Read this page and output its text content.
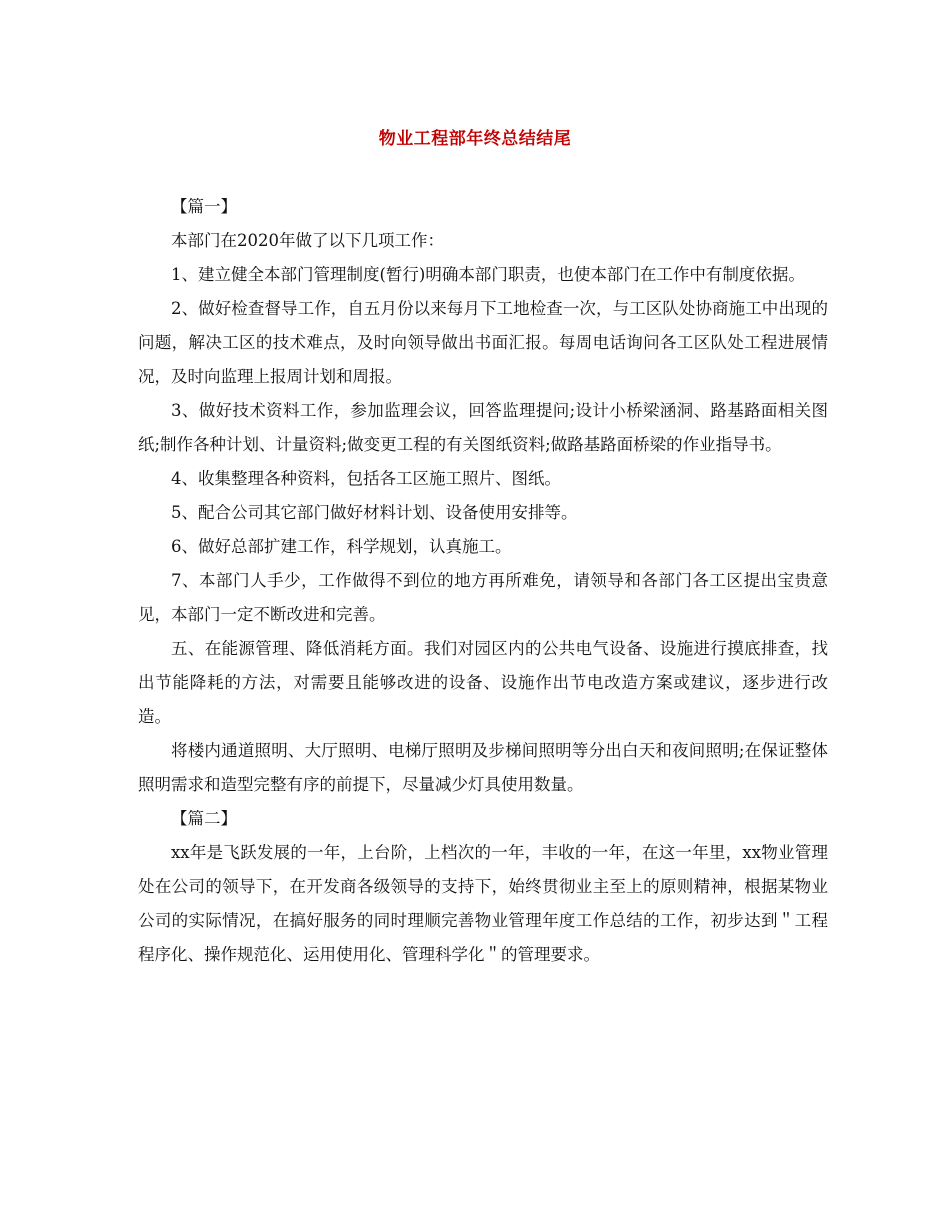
物业工程部年终总结结尾

【篇一】

本部门在2020年做了以下几项工作：

1、建立健全本部门管理制度(暂行)明确本部门职责，也使本部门在工作中有制度依据。

2、做好检查督导工作，自五月份以来每月下工地检查一次，与工区队处协商施工中出现的问题，解决工区的技术难点，及时向领导做出书面汇报。每周电话询问各工区队处工程进展情况，及时向监理上报周计划和周报。

3、做好技术资料工作，参加监理会议，回答监理提问;设计小桥梁涵洞、路基路面相关图纸;制作各种计划、计量资料;做变更工程的有关图纸资料;做路基路面桥梁的作业指导书。

4、收集整理各种资料，包括各工区施工照片、图纸。

5、配合公司其它部门做好材料计划、设备使用安排等。

6、做好总部扩建工作，科学规划，认真施工。

7、本部门人手少，工作做得不到位的地方再所难免，请领导和各部门各工区提出宝贵意见，本部门一定不断改进和完善。

五、在能源管理、降低消耗方面。我们对园区内的公共电气设备、设施进行摸底排查，找出节能降耗的方法，对需要且能够改进的设备、设施作出节电改造方案或建议，逐步进行改造。

将楼内通道照明、大厅照明、电梯厅照明及步梯间照明等分出白天和夜间照明;在保证整体照明需求和造型完整有序的前提下，尽量减少灯具使用数量。

【篇二】

xx年是飞跃发展的一年，上台阶，上档次的一年，丰收的一年，在这一年里，xx物业管理处在公司的领导下，在开发商各级领导的支持下，始终贯彻业主至上的原则精神，根据某物业公司的实际情况，在搞好服务的同时理顺完善物业管理年度工作总结的工作，初步达到＂工程程序化、操作规范化、运用使用化、管理科学化＂的管理要求。
